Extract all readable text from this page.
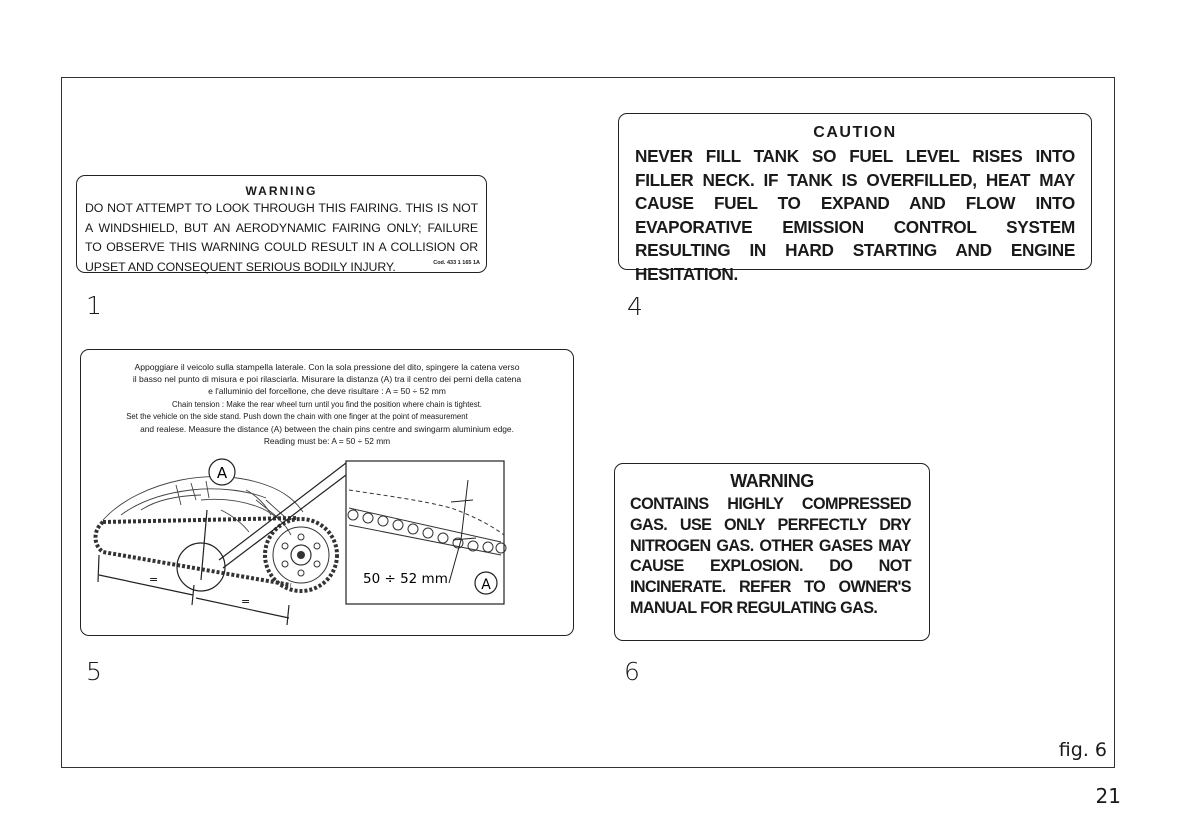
WARNING
DO NOT ATTEMPT TO LOOK THROUGH THIS FAIRING. THIS IS NOT A WINDSHIELD, BUT AN AERODYNAMIC FAIRING ONLY; FAILURE TO OBSERVE THIS WARNING COULD RESULT IN A COLLISION OR UPSET AND CONSEQUENT SERIOUS BODILY INJURY.	Cod. 433 1 165 1A
1
CAUTION
NEVER FILL TANK SO FUEL LEVEL RISES INTO FILLER NECK. IF TANK IS OVERFILLED, HEAT MAY CAUSE FUEL TO EXPAND AND FLOW INTO EVAPORATIVE EMISSION CONTROL SYSTEM RESULTING IN HARD STARTING AND ENGINE HESITATION.
4
Appoggiare il veicolo sulla stampella laterale. Con la sola pressione del dito, spingere la catena verso
il basso nel punto di misura e poi rilasciarla. Misurare la distanza (A) tra il centro dei perni della catena
e l'alluminio del forcellone, che deve risultare : A = 50 ÷ 52 mm
Chain tension : Make the rear wheel turn until you find the position where chain is tightest.
Set the vehicle on the side stand. Push down the chain with one finger at the point of measurement
and realese. Measure the distance (A) between the chain pins centre and swingarm aluminium edge.
Reading must be: A = 50 ÷ 52 mm
A
=
=
50 ÷ 52 mm A
5
WARNING
CONTAINS HIGHLY COMPRESSED GAS. USE ONLY PERFECTLY DRY NITROGEN GAS. OTHER GASES MAY CAUSE EXPLOSION. DO NOT INCINERATE. REFER TO OWNER'S MANUAL FOR REGULATING GAS.
6
fig. 6
21
